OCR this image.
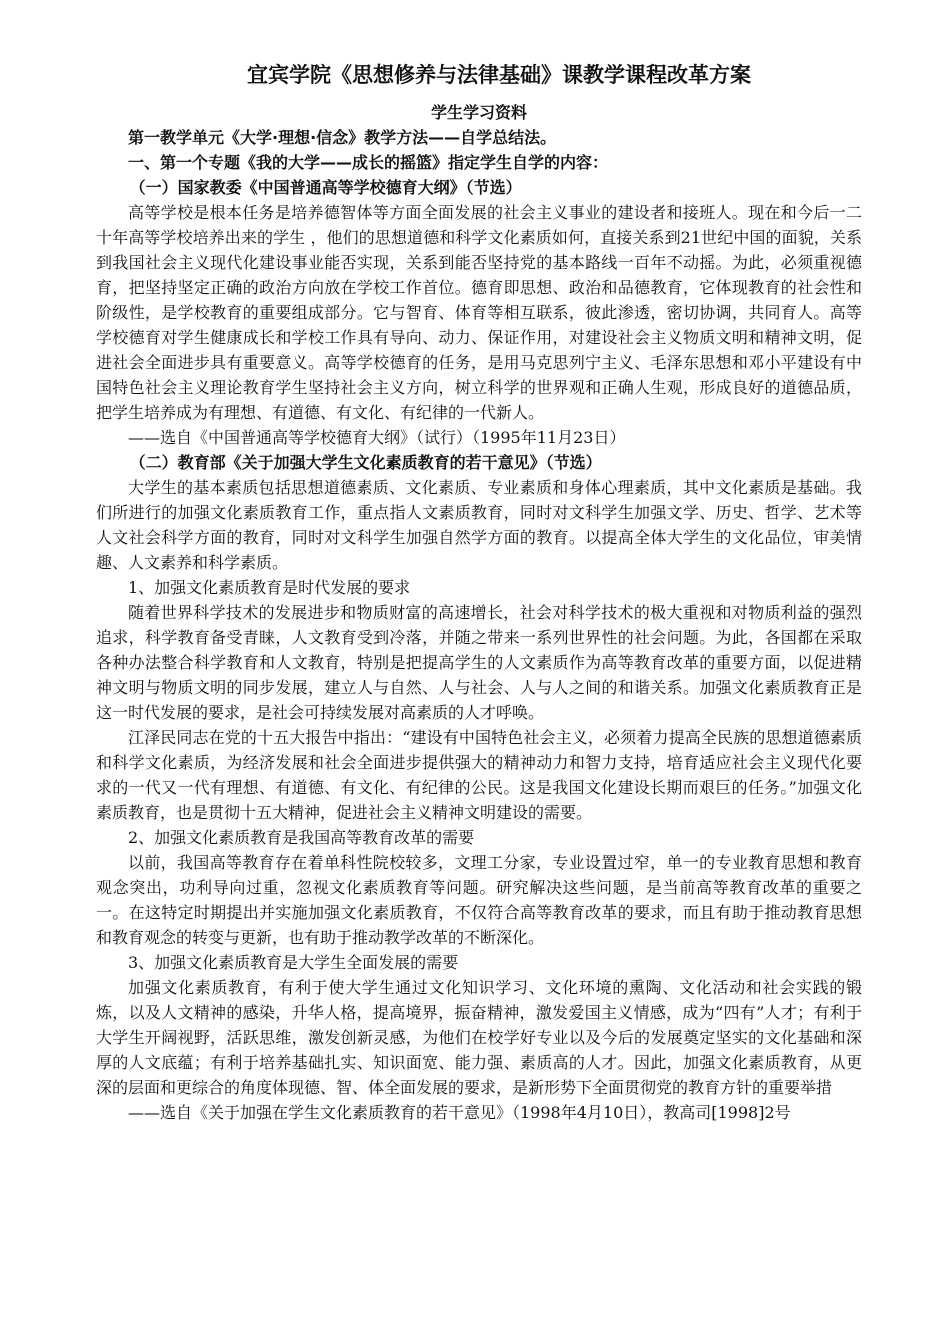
宜宾学院《思想修养与法律基础》课教学课程改革方案

学生学习资料

第一教学单元《大学·理想·信念》教学方法——自学总结法。

一、第一个专题《我的大学——成长的摇篮》指定学生自学的内容：

（一）国家教委《中国普通高等学校德育大纲》（节选）

高等学校是根本任务是培养德智体等方面全面发展的社会主义事业的建设者和接班人。现在和今后一二十年高等学校培养出来的学生 ，他们的思想道德和科学文化素质如何，直接关系到21世纪中国的面貌，关系到我国社会主义现代化建设事业能否实现，关系到能否坚持党的基本路线一百年不动摇。为此，必须重视德育，把坚持坚定正确的政治方向放在学校工作首位。德育即思想、政治和品德教育，它体现教育的社会性和阶级性，是学校教育的重要组成部分。它与智育、体育等相互联系，彼此渗透，密切协调，共同育人。高等学校德育对学生健康成长和学校工作具有导向、动力、保证作用，对建设社会主义物质文明和精神文明，促进社会全面进步具有重要意义。高等学校德育的任务，是用马克思列宁主义、毛泽东思想和邓小平建设有中国特色社会主义理论教育学生坚持社会主义方向，树立科学的世界观和正确人生观，形成良好的道德品质，把学生培养成为有理想、有道德、有文化、有纪律的一代新人。

——选自《中国普通高等学校德育大纲》（试行）（1995年11月23日）

（二）教育部《关于加强大学生文化素质教育的若干意见》（节选）

大学生的基本素质包括思想道德素质、文化素质、专业素质和身体心理素质，其中文化素质是基础。我们所进行的加强文化素质教育工作，重点指人文素质教育，同时对文科学生加强文学、历史、哲学、艺术等人文社会科学方面的教育，同时对文科学生加强自然学方面的教育。以提高全体大学生的文化品位，审美情趣、人文素养和科学素质。

1、加强文化素质教育是时代发展的要求

随着世界科学技术的发展进步和物质财富的高速增长，社会对科学技术的极大重视和对物质利益的强烈追求，科学教育备受青睐，人文教育受到冷落，并随之带来一系列世界性的社会问题。为此，各国都在采取各种办法整合科学教育和人文教育，特别是把提高学生的人文素质作为高等教育改革的重要方面，以促进精神文明与物质文明的同步发展，建立人与自然、人与社会、人与人之间的和谐关系。加强文化素质教育正是这一时代发展的要求，是社会可持续发展对高素质的人才呼唤。

江泽民同志在党的十五大报告中指出：“建设有中国特色社会主义，必须着力提高全民族的思想道德素质和科学文化素质，为经济发展和社会全面进步提供强大的精神动力和智力支持，培育适应社会主义现代化要求的一代又一代有理想、有道德、有文化、有纪律的公民。这是我国文化建设长期而艰巨的任务。”加强文化素质教育，也是贯彻十五大精神，促进社会主义精神文明建设的需要。

2、加强文化素质教育是我国高等教育改革的需要

以前，我国高等教育存在着单科性院校较多，文理工分家，专业设置过窄，单一的专业教育思想和教育观念突出，功利导向过重，忽视文化素质教育等问题。研究解决这些问题，是当前高等教育改革的重要之一。在这特定时期提出并实施加强文化素质教育，不仅符合高等教育改革的要求，而且有助于推动教育思想和教育观念的转变与更新，也有助于推动教学改革的不断深化。

3、加强文化素质教育是大学生全面发展的需要

加强文化素质教育，有利于使大学生通过文化知识学习、文化环境的熏陶、文化活动和社会实践的锻炼，以及人文精神的感染，升华人格，提高境界，振奋精神，激发爱国主义情感，成为“四有”人才；有利于大学生开阔视野，活跃思维，激发创新灵感，为他们在校学好专业以及今后的发展奠定坚实的文化基础和深厚的人文底蕴；有利于培养基础扎实、知识面宽、能力强、素质高的人才。因此，加强文化素质教育，从更深的层面和更综合的角度体现德、智、体全面发展的要求，是新形势下全面贯彻党的教育方针的重要举措

——选自《关于加强在学生文化素质教育的若干意见》（1998年4月10日），教高司[1998]2号
